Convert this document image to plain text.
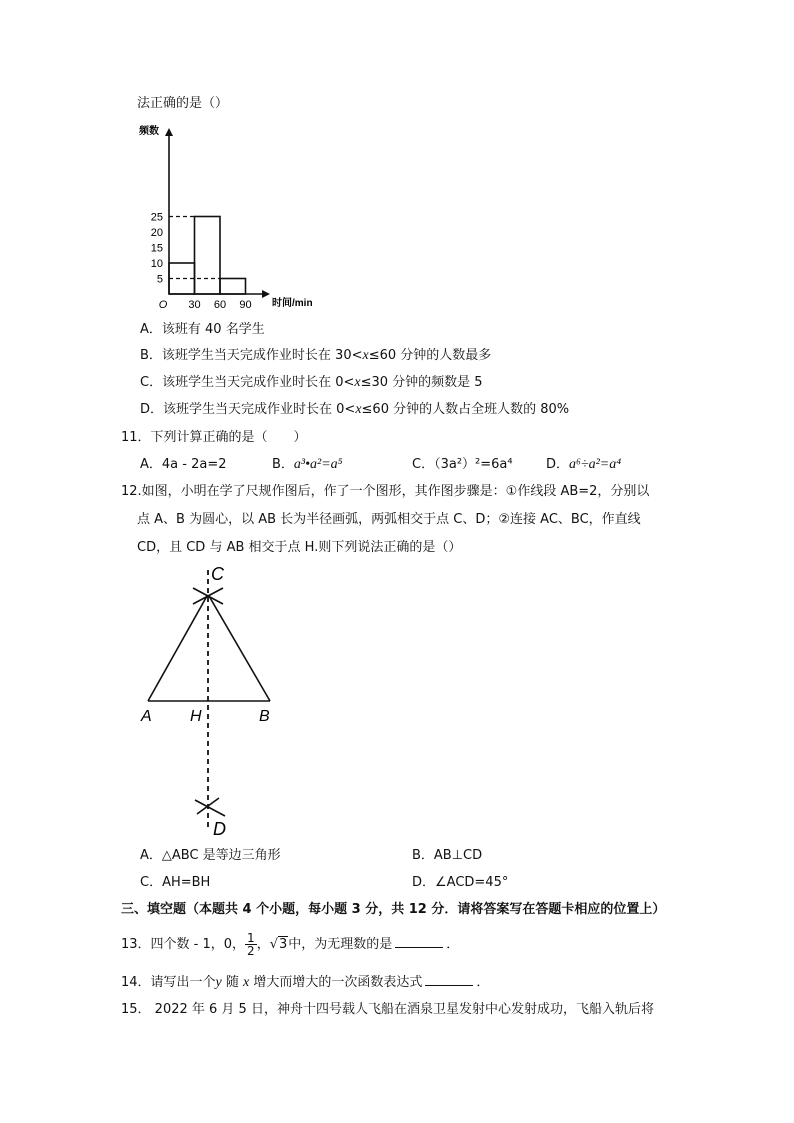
法正确的是（）
5
10
15
20
25
30 60 90
O
频数
时间/min
A．该班有 40 名学生
B．该班学生当天完成作业时长在 30<x≤60 分钟的人数最多
C．该班学生当天完成作业时长在 0<x≤30 分钟的频数是 5
D．该班学生当天完成作业时长在 0<x≤60 分钟的人数占全班人数的 80%
11．下列计算正确的是（　　）
A．4a - 2a=2	B．a³•a²=a⁵	C．（3a²）²=6a⁴	D．a⁶÷a²=a⁴
12.如图，小明在学了尺规作图后，作了一个图形，其作图步骤是：①作线段 AB=2，分别以
点 A、B 为圆心，以 AB 长为半径画弧，两弧相交于点 C、D；②连接 AC、BC，作直线
CD，且 CD 与 AB 相交于点 H.则下列说法正确的是（）
C
A H	B
D
A．△ABC 是等边三角形	B．AB⊥CD
C．AH=BH	D．∠ACD=45°
三、填空题（本题共 4 个小题，每小题 3 分，共 12 分．请将答案写在答题卡相应的位置上）
13．四个数 - 1，0， $\frac{1}{2}$ ，√3中，为无理数的是	．
14．请写出一个y 随 x 增大而增大的一次函数表达式	．
15． 2022 年 6 月 5 日，神舟十四号载人飞船在酒泉卫星发射中心发射成功，飞船入轨后将
